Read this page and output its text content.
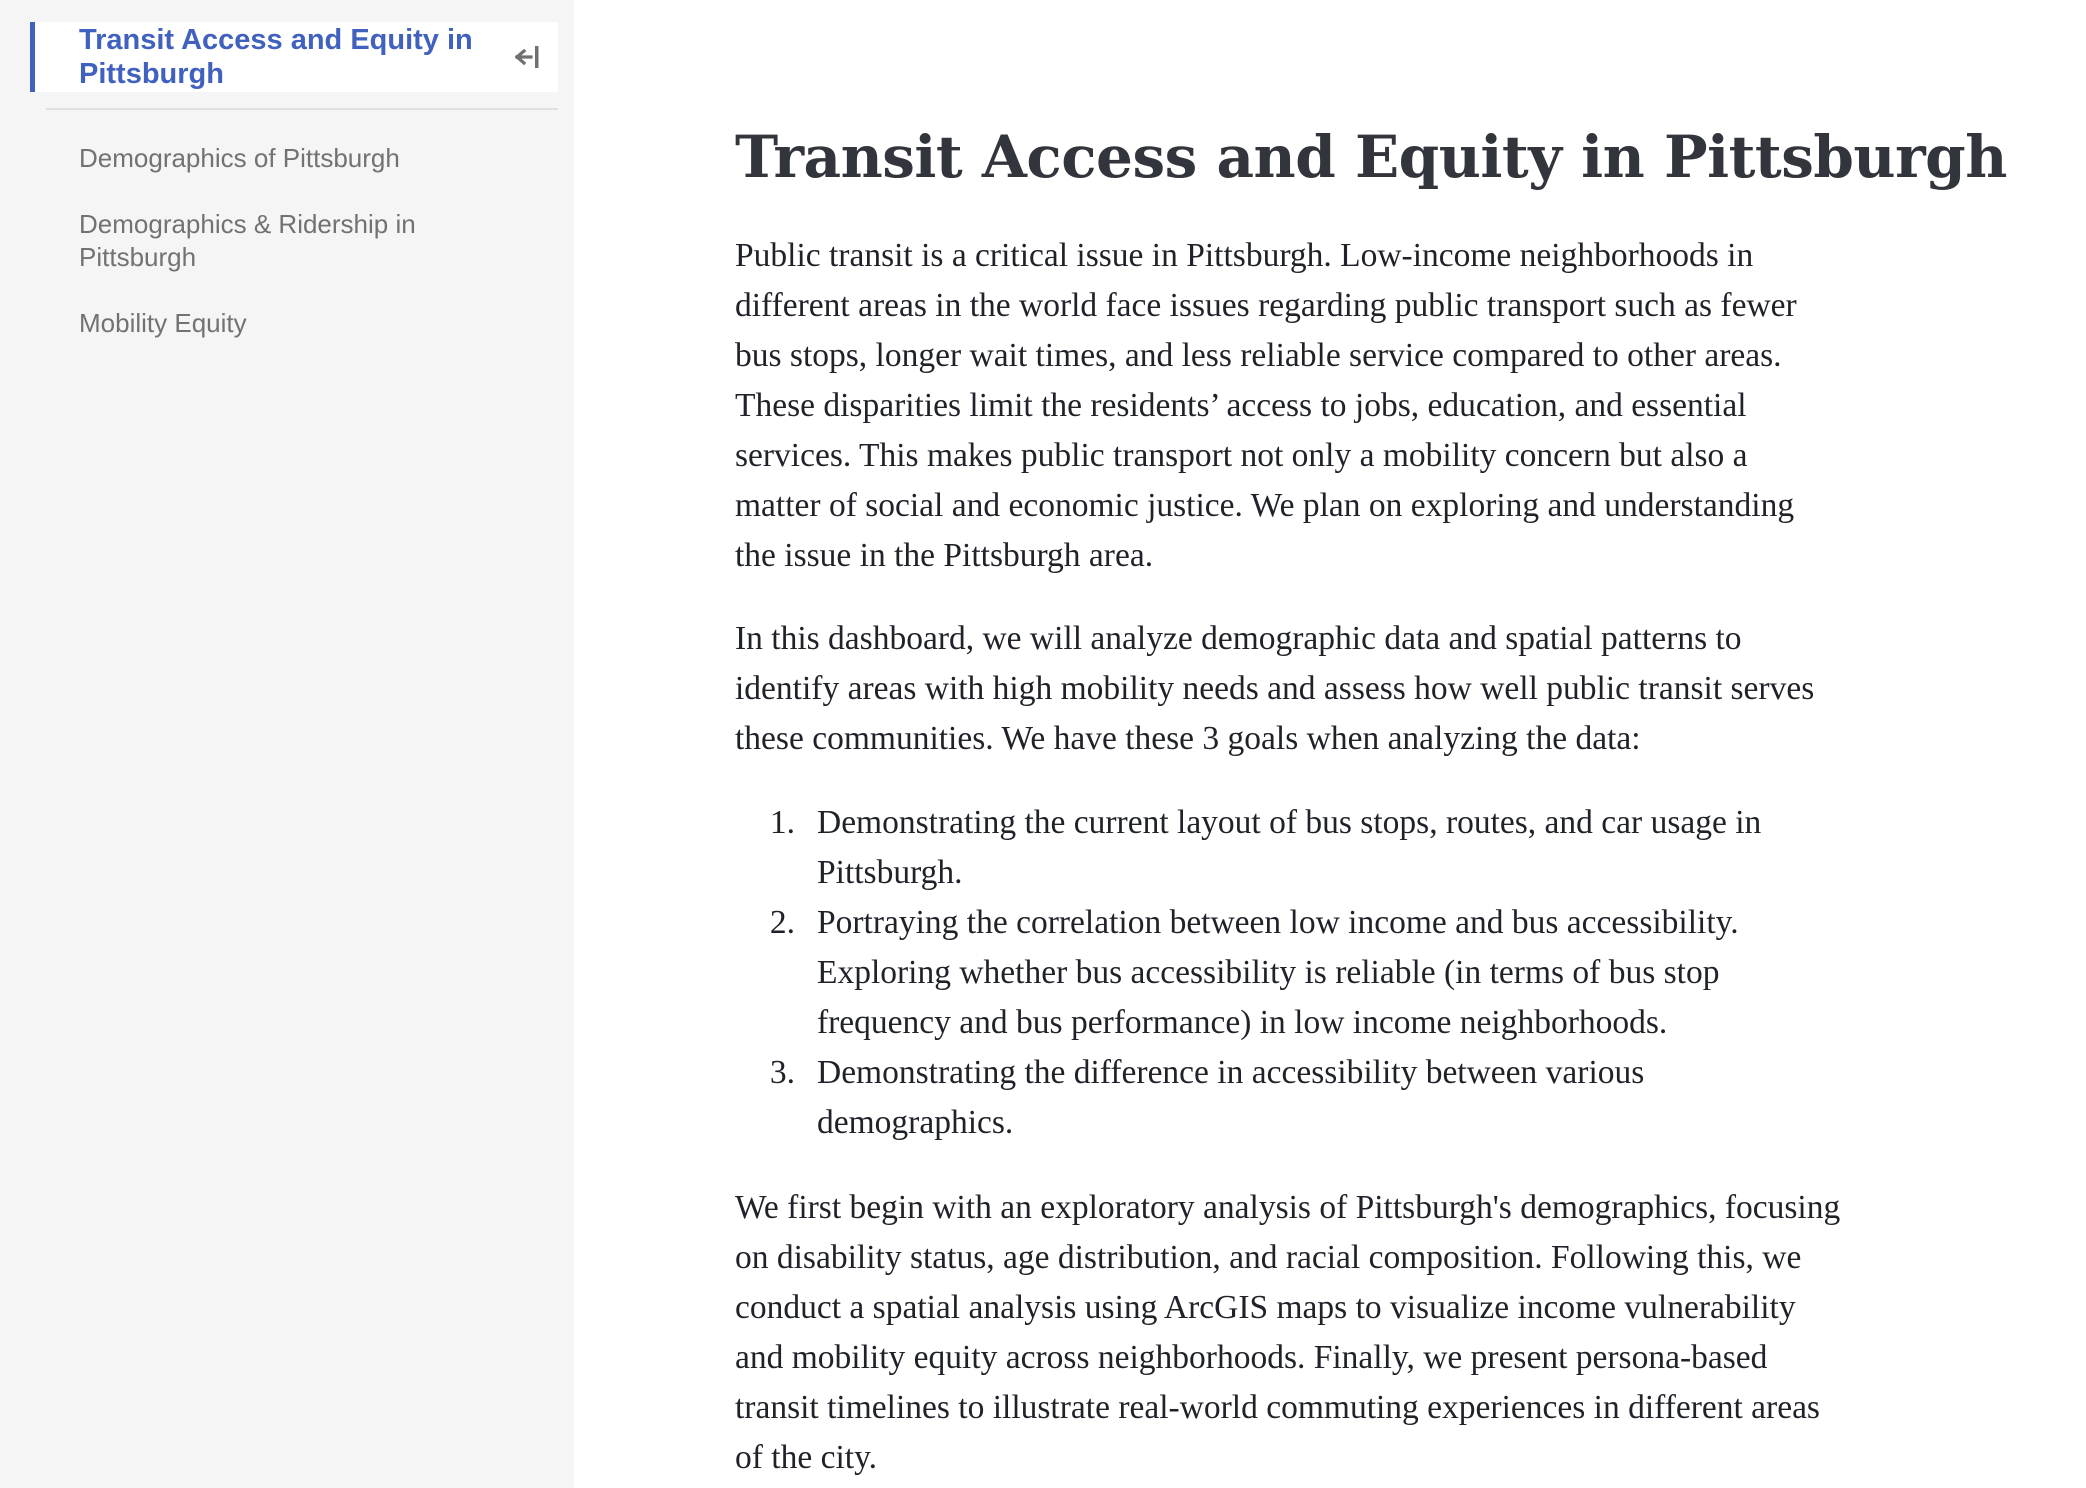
Transit Access and Equity in
Pittsburgh
Demographics of Pittsburgh
Demographics & Ridership in
Pittsburgh
Mobility Equity
Transit Access and Equity in Pittsburgh

Public transit is a critical issue in Pittsburgh. Low-income neighborhoods in
different areas in the world face issues regarding public transport such as fewer
bus stops, longer wait times, and less reliable service compared to other areas.
These disparities limit the residents’ access to jobs, education, and essential
services. This makes public transport not only a mobility concern but also a
matter of social and economic justice. We plan on exploring and understanding
the issue in the Pittsburgh area.

In this dashboard, we will analyze demographic data and spatial patterns to
identify areas with high mobility needs and assess how well public transit serves
these communities. We have these 3 goals when analyzing the data:

1. Demonstrating the current layout of bus stops, routes, and car usage in
Pittsburgh.
2. Portraying the correlation between low income and bus accessibility.
Exploring whether bus accessibility is reliable (in terms of bus stop
frequency and bus performance) in low income neighborhoods.
3. Demonstrating the difference in accessibility between various
demographics.

We first begin with an exploratory analysis of Pittsburgh's demographics, focusing
on disability status, age distribution, and racial composition. Following this, we
conduct a spatial analysis using ArcGIS maps to visualize income vulnerability
and mobility equity across neighborhoods. Finally, we present persona-based
transit timelines to illustrate real-world commuting experiences in different areas
of the city.
